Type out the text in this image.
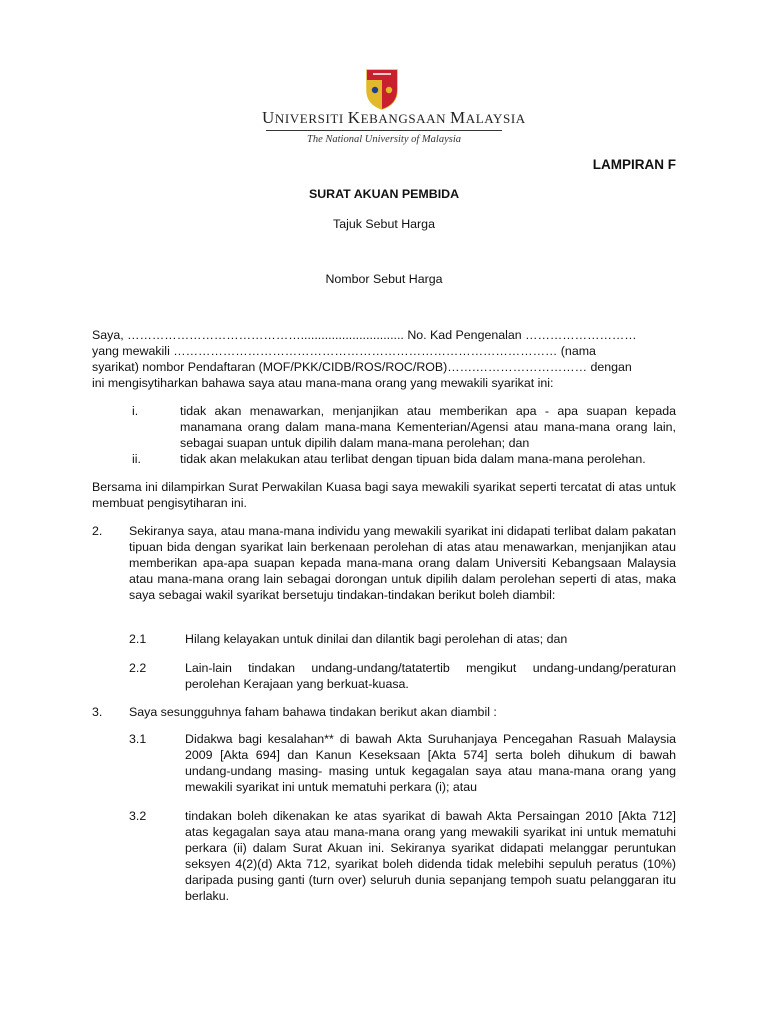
UNIVERSITI KEBANGSAAN MALAYSIA
The National University of Malaysia
LAMPIRAN F
SURAT AKUAN PEMBIDA
Tajuk Sebut Harga
Nombor Sebut Harga
Saya, …………………………………….............................. No. Kad Pengenalan ………………………
yang mewakili ………………………………………………………………………………… (nama
syarikat) nombor Pendaftaran (MOF/PKK/CIDB/ROS/ROC/ROB)…….……………………… dengan
ini mengisytiharkan bahawa saya atau mana-mana orang yang mewakili syarikat ini:
i.	tidak akan menawarkan, menjanjikan atau memberikan apa - apa suapan kepada manamana orang dalam mana-mana Kementerian/Agensi atau mana-mana orang lain, sebagai suapan untuk dipilih dalam mana-mana perolehan; dan
ii.	tidak akan melakukan atau terlibat dengan tipuan bida dalam mana-mana perolehan.
Bersama ini dilampirkan Surat Perwakilan Kuasa bagi saya mewakili syarikat seperti tercatat di atas untuk membuat pengisytiharan ini.
2. Sekiranya saya, atau mana-mana individu yang mewakili syarikat ini didapati terlibat dalam pakatan tipuan bida dengan syarikat lain berkenaan perolehan di atas atau menawarkan, menjanjikan atau memberikan apa-apa suapan kepada mana-mana orang dalam Universiti Kebangsaan Malaysia atau mana-mana orang lain sebagai dorongan untuk dipilih dalam perolehan seperti di atas, maka saya sebagai wakil syarikat bersetuju tindakan-tindakan berikut boleh diambil:
2.1	Hilang kelayakan untuk dinilai dan dilantik bagi perolehan di atas; dan
2.2	Lain-lain tindakan undang-undang/tatatertib mengikut undang-undang/peraturan perolehan Kerajaan yang berkuat-kuasa.
3. Saya sesungguhnya faham bahawa tindakan berikut akan diambil :
3.1	Didakwa bagi kesalahan** di bawah Akta Suruhanjaya Pencegahan Rasuah Malaysia 2009 [Akta 694] dan Kanun Keseksaan [Akta 574] serta boleh dihukum di bawah undang-undang masing- masing untuk kegagalan saya atau mana-mana orang yang mewakili syarikat ini untuk mematuhi perkara (i); atau
3.2	tindakan boleh dikenakan ke atas syarikat di bawah Akta Persaingan 2010 [Akta 712] atas kegagalan saya atau mana-mana orang yang mewakili syarikat ini untuk mematuhi perkara (ii) dalam Surat Akuan ini. Sekiranya syarikat didapati melanggar peruntukan seksyen 4(2)(d) Akta 712, syarikat boleh didenda tidak melebihi sepuluh peratus (10%) daripada pusing ganti (turn over) seluruh dunia sepanjang tempoh suatu pelanggaran itu berlaku.
